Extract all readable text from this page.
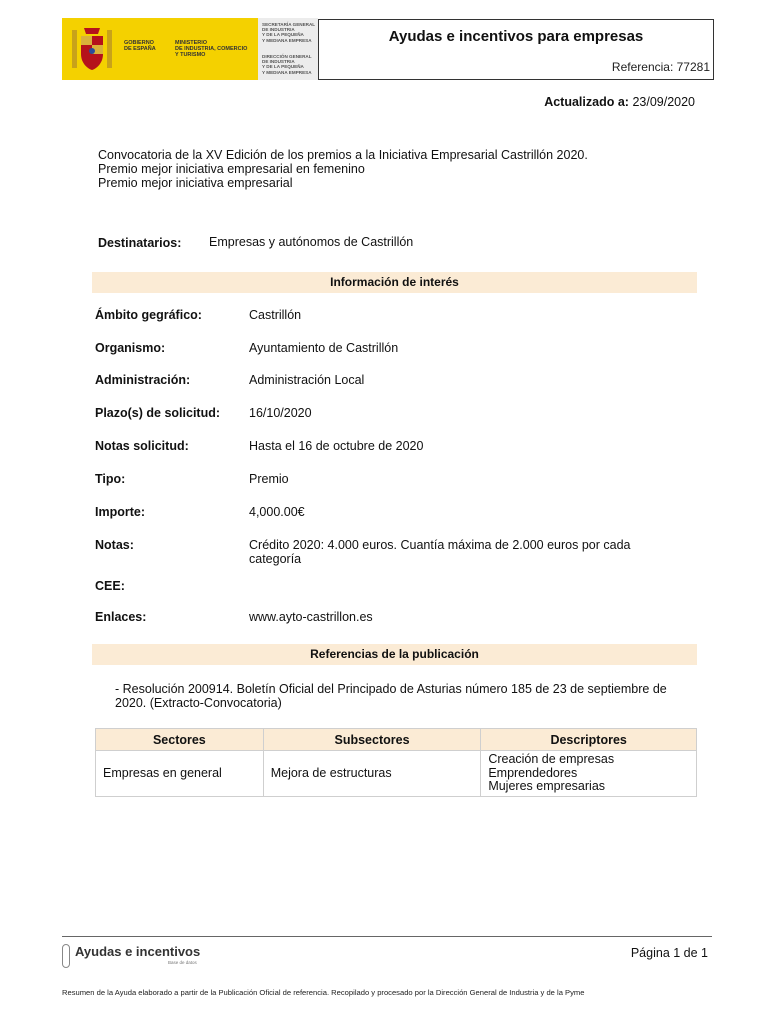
GOBIERNO
DE ESPAÑA
MINISTERIO
DE INDUSTRIA, COMERCIO
Y TURISMO
SECRETARÍA GENERAL
DE INDUSTRIA
Y DE LA PEQUEÑA
Y MEDIANA EMPRESA
DIRECCIÓN GENERAL
DE INDUSTRIA
Y DE LA PEQUEÑA
Y MEDIANA EMPRESA
Ayudas e incentivos para empresas
Referencia: 77281
Actualizado a: 23/09/2020
Convocatoria de la XV Edición de los premios a la Iniciativa Empresarial Castrillón 2020.
Premio mejor iniciativa empresarial en femenino
Premio mejor iniciativa empresarial
Destinatarios: Empresas y autónomos de Castrillón
Información de interés
Ámbito gegráfico:	Castrillón
Organismo:	Ayuntamiento de Castrillón
Administración:	Administración Local
Plazo(s) de solicitud: 16/10/2020
Notas solicitud:	Hasta el 16 de octubre de 2020
Tipo:	Premio
Importe:	4,000.00€
Notas:	Crédito 2020: 4.000 euros. Cuantía máxima de 2.000 euros por cada categoría
CEE:
Enlaces:	www.ayto-castrillon.es
Referencias de la publicación
- Resolución 200914. Boletín Oficial del Principado de Asturias número 185 de 23 de septiembre de 2020. (Extracto-Convocatoria)
Sectores	Subsectores	Descriptores
Empresas en general	Mejora de estructuras	Creación de empresas
Emprendedores
Mujeres empresarias
Ayudas e incentivos
Base de datos
Página 1 de 1
Resumen de la Ayuda elaborado a partir de la Publicación Oficial de referencia. Recopilado y procesado por la Dirección General de Industria y de la Pyme
